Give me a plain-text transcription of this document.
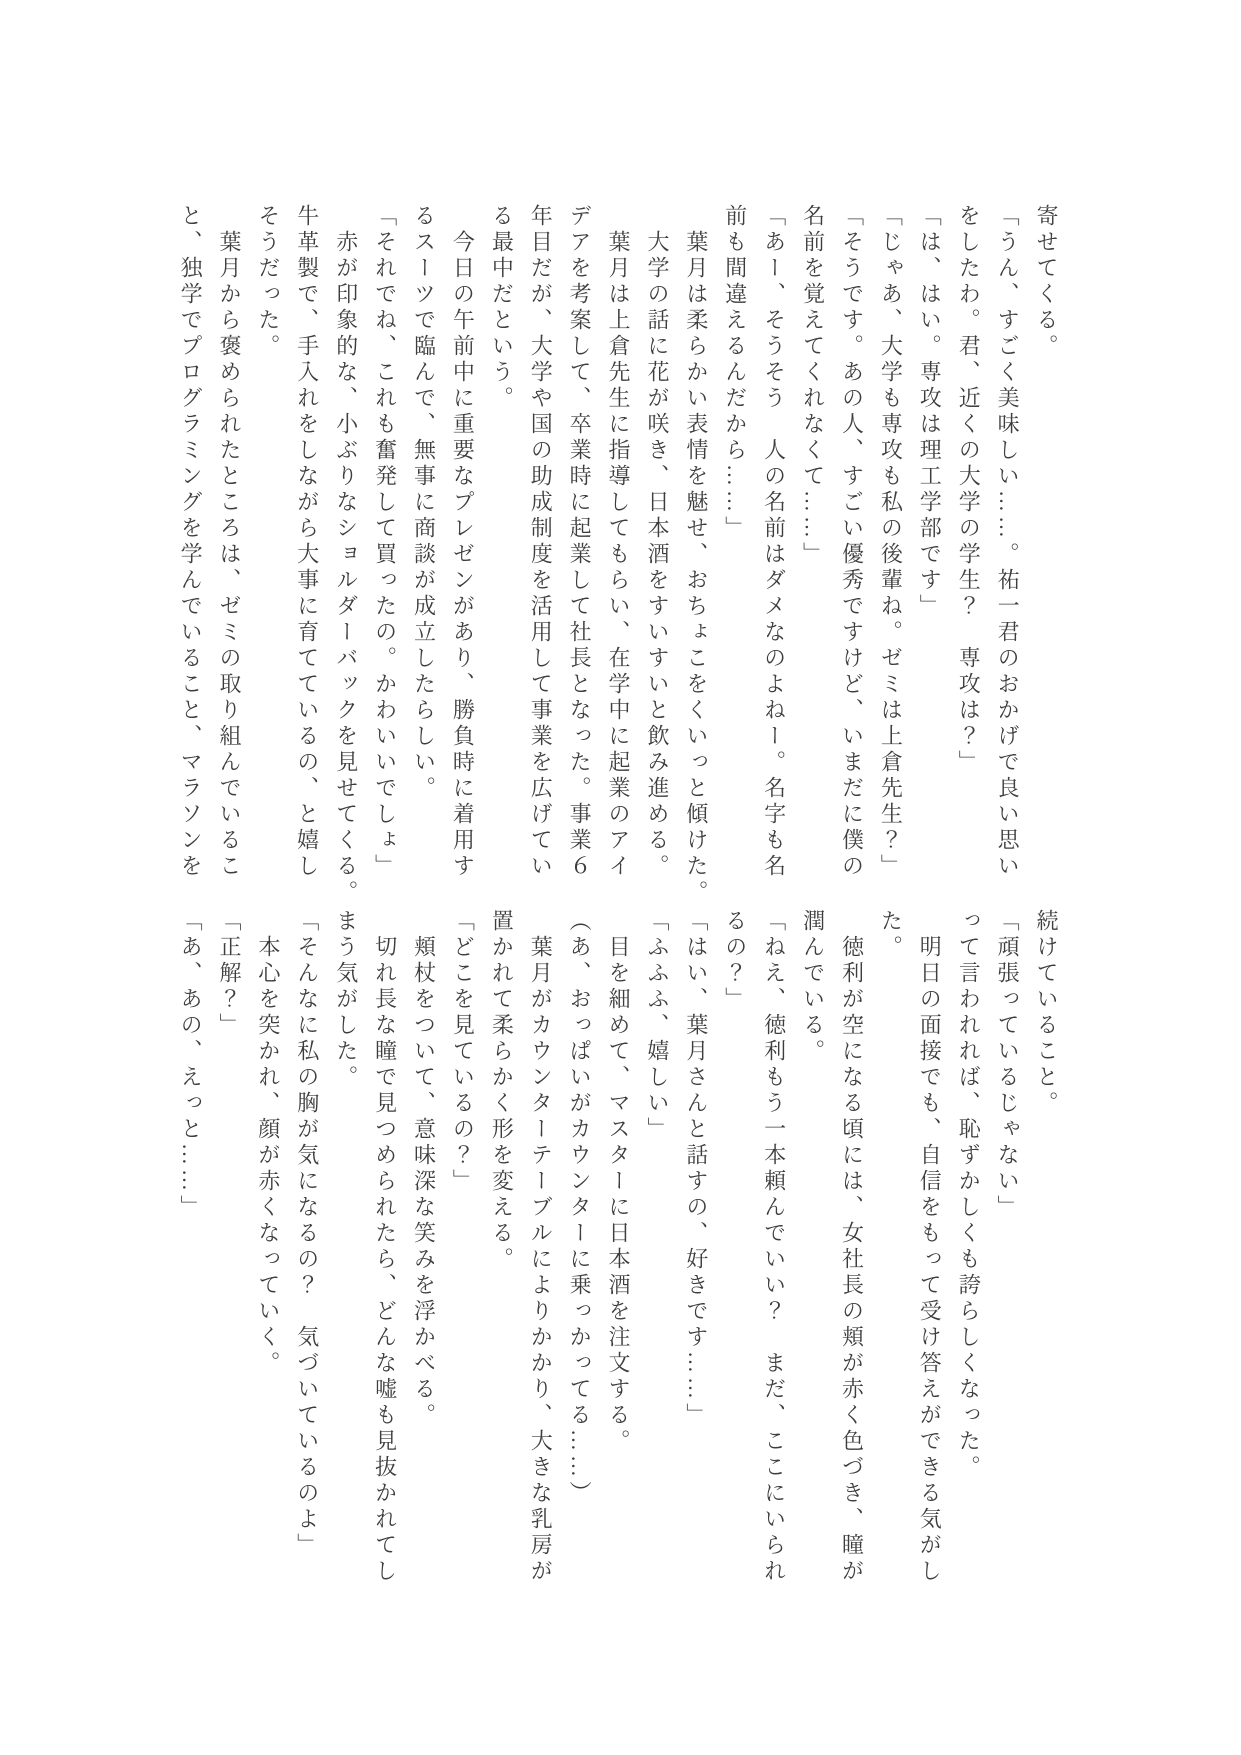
寄せてくる。
「うん、すごく美味しい……。祐一君のおかげで良い思い
をしたわ。君、近くの大学の学生？　専攻は？」
「は、はい。専攻は理工学部です」
「じゃあ、大学も専攻も私の後輩ね。ゼミは上倉先生？」
「そうです。あの人、すごい優秀ですけど、いまだに僕の
名前を覚えてくれなくて……」
「あー、そうそう　人の名前はダメなのよねー。名字も名
前も間違えるんだから……」
　葉月は柔らかい表情を魅せ、おちょこをくいっと傾けた。
　大学の話に花が咲き、日本酒をすいすいと飲み進める。
　葉月は上倉先生に指導してもらい、在学中に起業のアイ
デアを考案して、卒業時に起業して社長となった。事業６
年目だが、大学や国の助成制度を活用して事業を広げてい
る最中だという。
　今日の午前中に重要なプレゼンがあり、勝負時に着用す
るスーツで臨んで、無事に商談が成立したらしい。
「それでね、これも奮発して買ったの。かわいいでしょ」
　赤が印象的な、小ぶりなショルダーバックを見せてくる。
牛革製で、手入れをしながら大事に育てているの、と嬉し
そうだった。
　葉月から褒められたところは、ゼミの取り組んでいるこ
と、独学でプログラミングを学んでいること、マラソンを
続けていること。
「頑張っているじゃない」
って言われれば、恥ずかしくも誇らしくなった。
　明日の面接でも、自信をもって受け答えができる気がし
た。
　徳利が空になる頃には、女社長の頬が赤く色づき、瞳が
潤んでいる。
「ねえ、徳利もう一本頼んでいい？　まだ、ここにいられ
るの？」
「はい、葉月さんと話すの、好きです……」
「ふふふ、嬉しい」
　目を細めて、マスターに日本酒を注文する。
（あ、おっぱいがカウンターに乗っかってる……）
　葉月がカウンターテーブルによりかかり、大きな乳房が
置かれて柔らかく形を変える。
「どこを見ているの？」
　頬杖をついて、意味深な笑みを浮かべる。
　切れ長な瞳で見つめられたら、どんな嘘も見抜かれてし
まう気がした。
「そんなに私の胸が気になるの？　気づいているのよ」
　本心を突かれ、顔が赤くなっていく。
「正解？」
「あ、あの、えっと……」
